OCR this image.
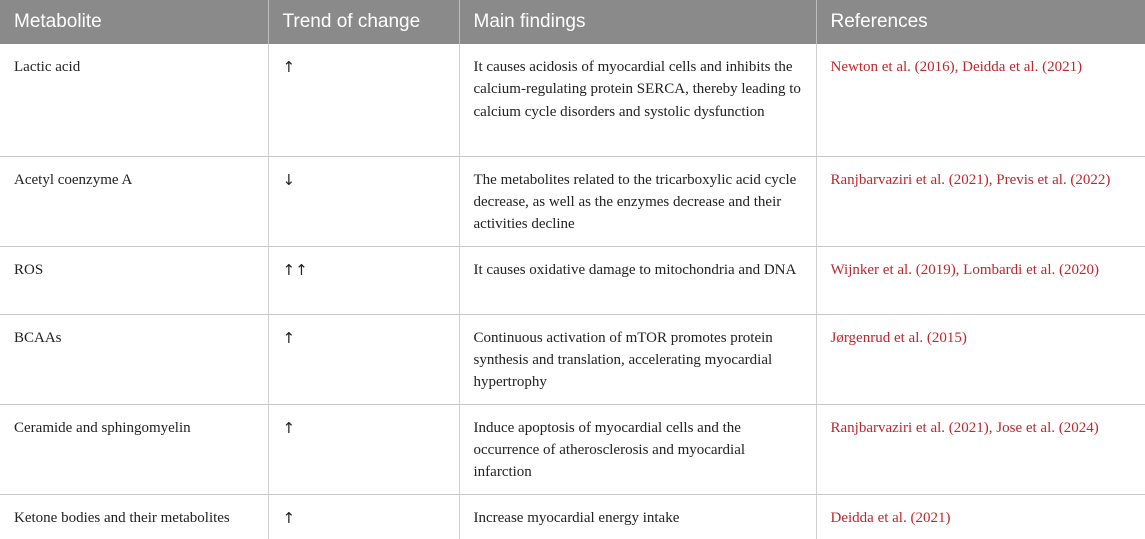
Metabolite	Trend of change	Main findings	References
Lactic acid	↑	It causes acidosis of myocardial cells and inhibits the calcium-regulating protein SERCA, thereby leading to calcium cycle disorders and systolic dysfunction	Newton et al. (2016), Deidda et al. (2021)
Acetyl coenzyme A	↓	The metabolites related to the tricarboxylic acid cycle decrease, as well as the enzymes decrease and their activities decline	Ranjbarvaziri et al. (2021), Previs et al. (2022)
ROS	↑↑	It causes oxidative damage to mitochondria and DNA	Wijnker et al. (2019), Lombardi et al. (2020)
BCAAs	↑	Continuous activation of mTOR promotes protein synthesis and translation, accelerating myocardial hypertrophy	Jørgenrud et al. (2015)
Ceramide and sphingomyelin	↑	Induce apoptosis of myocardial cells and the occurrence of atherosclerosis and myocardial infarction	Ranjbarvaziri et al. (2021), Jose et al. (2024)
Ketone bodies and their metabolites	↑	Increase myocardial energy intake	Deidda et al. (2021)
